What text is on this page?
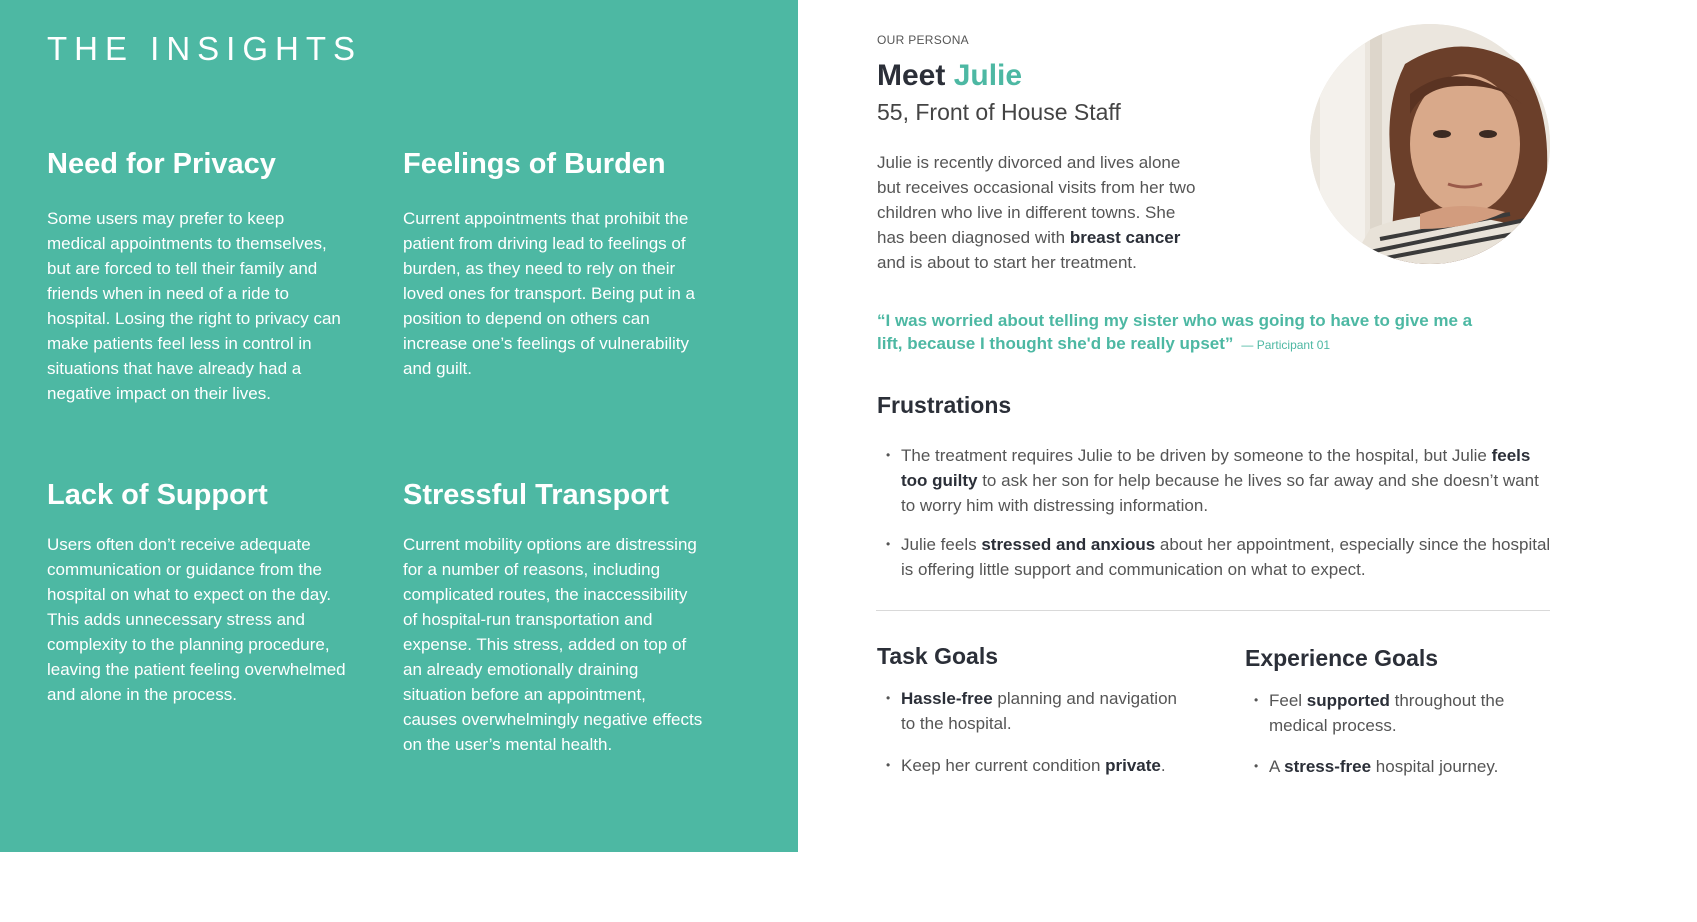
THE INSIGHTS
Need for Privacy

Some users may prefer to keep medical appointments to themselves, but are forced to tell their family and friends when in need of a ride to hospital. Losing the right to privacy can make patients feel less in control in situations that have already had a negative impact on their lives.

Feelings of Burden

Current appointments that prohibit the patient from driving lead to feelings of burden, as they need to rely on their loved ones for transport. Being put in a position to depend on others can increase one’s feelings of vulnerability and guilt.

Lack of Support

Users often don’t receive adequate communication or guidance from the hospital on what to expect on the day. This adds unnecessary stress and complexity to the planning procedure, leaving the patient feeling overwhelmed and alone in the process.

Stressful Transport

Current mobility options are distressing for a number of reasons, including complicated routes, the inaccessibility of hospital-run transportation and expense. This stress, added on top of an already emotionally draining situation before an appointment, causes overwhelmingly negative effects on the user’s mental health.

OUR PERSONA
Meet Julie
55, Front of House Staff
Julie is recently divorced and lives alone but receives occasional visits from her two children who live in different towns. She has been diagnosed with breast cancer and is about to start her treatment.
“I was worried about telling my sister who was going to have to give me a lift, because I thought she'd be really upset” — Participant 01
Frustrations
• The treatment requires Julie to be driven by someone to the hospital, but Julie feels too guilty to ask her son for help because he lives so far away and she doesn’t want to worry him with distressing information.
• Julie feels stressed and anxious about her appointment, especially since the hospital is offering little support and communication on what to expect.
Task Goals
• Hassle-free planning and navigation to the hospital.
• Keep her current condition private.
Experience Goals
• Feel supported throughout the medical process.
• A stress-free hospital journey.
